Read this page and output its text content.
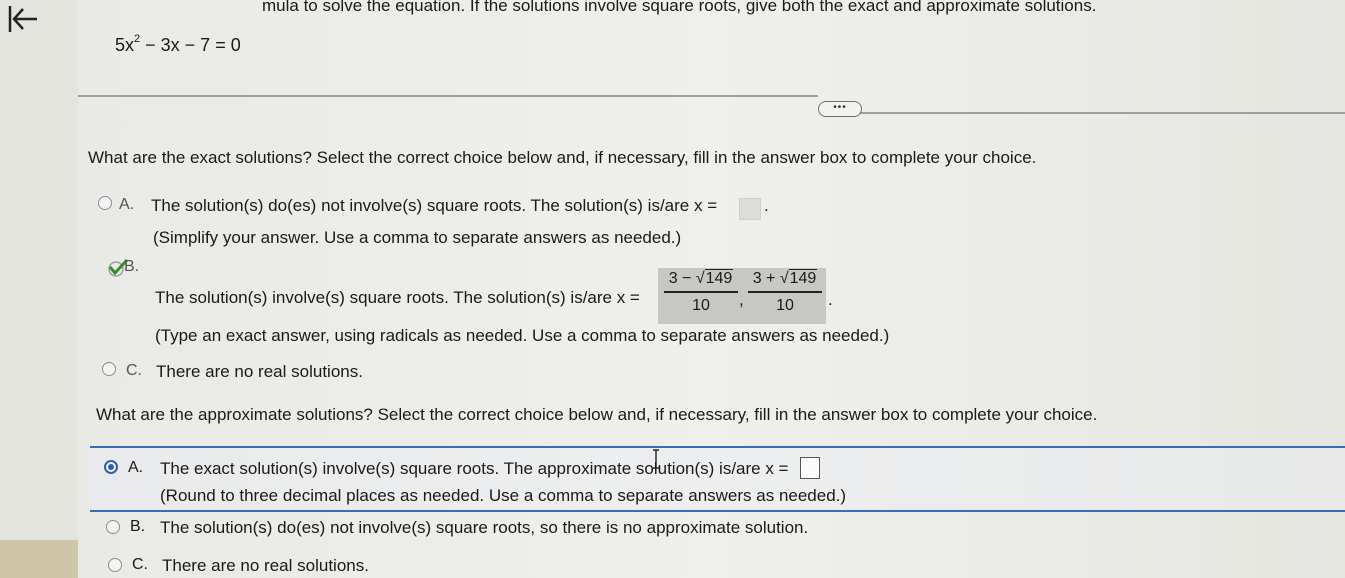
mula to solve the equation. If the solutions involve square roots, give both the exact and approximate solutions.
$5x^2 - 3x - 7 = 0$
•••
What are the exact solutions? Select the correct choice below and, if necessary, fill in the answer box to complete your choice.
A. The solution(s) do(es) not involve(s) square roots. The solution(s) is/are x =	.
(Simplify your answer. Use a comma to separate answers as needed.)
B.
The solution(s) involve(s) square roots. The solution(s) is/are x =
3 − √149
10	,
3 + √149
10	.
(Type an exact answer, using radicals as needed. Use a comma to separate answers as needed.)
C. There are no real solutions.
What are the approximate solutions? Select the correct choice below and, if necessary, fill in the answer box to complete your choice.
A. The exact solution(s) involve(s) square roots. The approximate solution(s) is/are x =
(Round to three decimal places as needed. Use a comma to separate answers as needed.)
B. The solution(s) do(es) not involve(s) square roots, so there is no approximate solution.
C. There are no real solutions.
